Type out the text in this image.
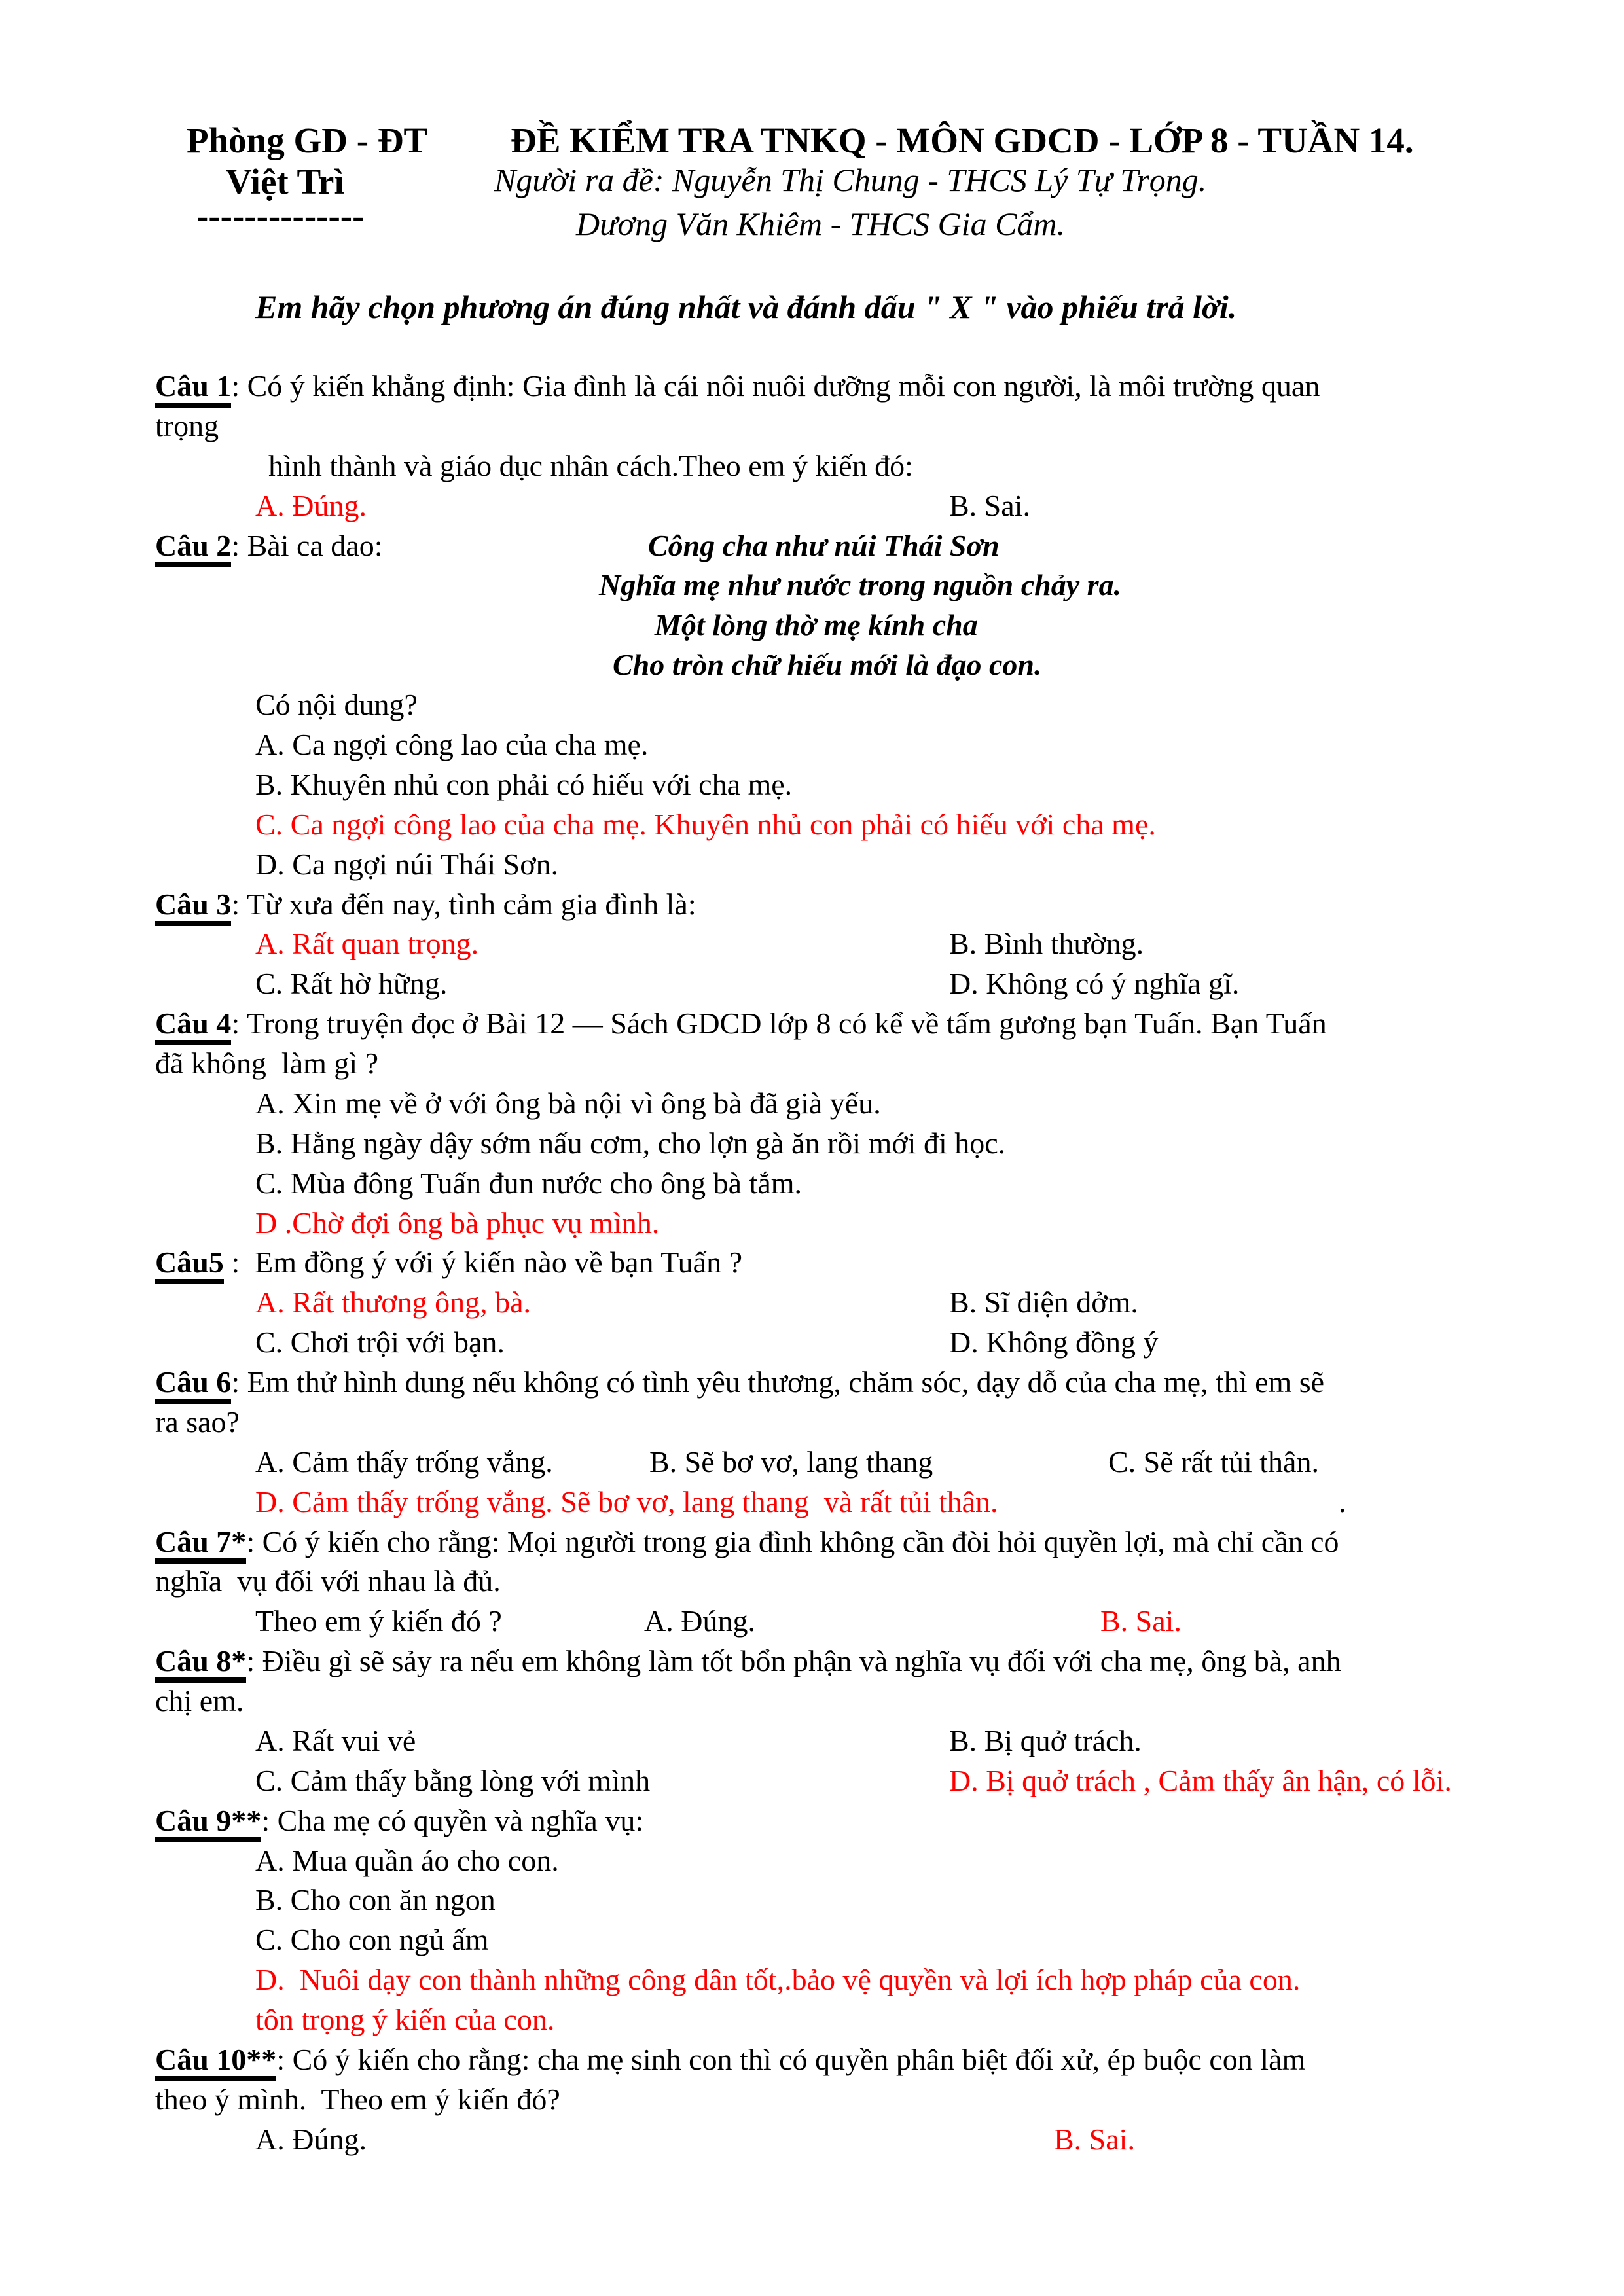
Phòng GD - ĐT ĐỀ KIỂM TRA TNKQ - MÔN GDCD - LỚP 8 - TUẦN 14.
Việt Trì	Người ra đề: Nguyễn Thị Chung - THCS Lý Tự Trọng.
--------------	Dương Văn Khiêm - THCS Gia Cẩm.
Em hãy chọn phương án đúng nhất và đánh dấu " X " vào phiếu trả lời.
Câu 1: Có ý kiến khẳng định: Gia đình là cái nôi nuôi dưỡng mỗi con người, là môi trường quan
trọng
hình thành và giáo dục nhân cách.Theo em ý kiến đó:
A. Đúng.	B. Sai.
Câu 2: Bài ca dao:	Công cha như núi Thái Sơn
Nghĩa mẹ như nước trong nguồn chảy ra.
Một lòng thờ mẹ kính cha
Cho tròn chữ hiếu mới là đạo con.
Có nội dung?
A. Ca ngợi công lao của cha mẹ.
B. Khuyên nhủ con phải có hiếu với cha mẹ.
C. Ca ngợi công lao của cha mẹ. Khuyên nhủ con phải có hiếu với cha mẹ.
D. Ca ngợi núi Thái Sơn.
Câu 3: Từ xưa đến nay, tình cảm gia đình là:
A. Rất quan trọng.	B. Bình thường.
C. Rất hờ hững.	D. Không có ý nghĩa gĩ.
Câu 4: Trong truyện đọc ở Bài 12 — Sách GDCD lớp 8 có kể về tấm gương bạn Tuấn. Bạn Tuấn
đã không  làm gì ?
A. Xin mẹ về ở với ông bà nội vì ông bà đã già yếu.
B. Hằng ngày dậy sớm nấu cơm, cho lợn gà ăn rồi mới đi học.
C. Mùa đông Tuấn đun nước cho ông bà tắm.
D .Chờ đợi ông bà phục vụ mình.
Câu5 :  Em đồng ý với ý kiến nào về bạn Tuấn ?
A. Rất thương ông, bà.	B. Sĩ diện dởm.
C. Chơi trội với bạn.	D. Không đồng ý
Câu 6: Em thử hình dung nếu không có tình yêu thương, chăm sóc, dạy dỗ của cha mẹ, thì em sẽ
ra sao?
A. Cảm thấy trống vắng.	B. Sẽ bơ vơ, lang thang	C. Sẽ rất tủi thân.
D. Cảm thấy trống vắng. Sẽ bơ vơ, lang thang  và rất tủi thân.	.
Câu 7*: Có ý kiến cho rằng: Mọi người trong gia đình không cần đòi hỏi quyền lợi, mà chỉ cần có
nghĩa  vụ đối với nhau là đủ.
Theo em ý kiến đó ?	A. Đúng.	B. Sai.
Câu 8*: Điều gì sẽ sảy ra nếu em không làm tốt bổn phận và nghĩa vụ đối với cha mẹ, ông bà, anh
chị em.
A. Rất vui vẻ	B. Bị quở trách.
C. Cảm thấy bằng lòng với mình	D. Bị quở trách , Cảm thấy ân hận, có lỗi.
Câu 9**: Cha mẹ có quyền và nghĩa vụ:
A. Mua quần áo cho con.
B. Cho con ăn ngon
C. Cho con ngủ ấm
D.  Nuôi dạy con thành những công dân tốt,.bảo vệ quyền và lợi ích hợp pháp của con.
tôn trọng ý kiến của con.
Câu 10**: Có ý kiến cho rằng: cha mẹ sinh con thì có quyền phân biệt đối xử, ép buộc con làm
theo ý mình.  Theo em ý kiến đó?
A. Đúng.	B. Sai.
